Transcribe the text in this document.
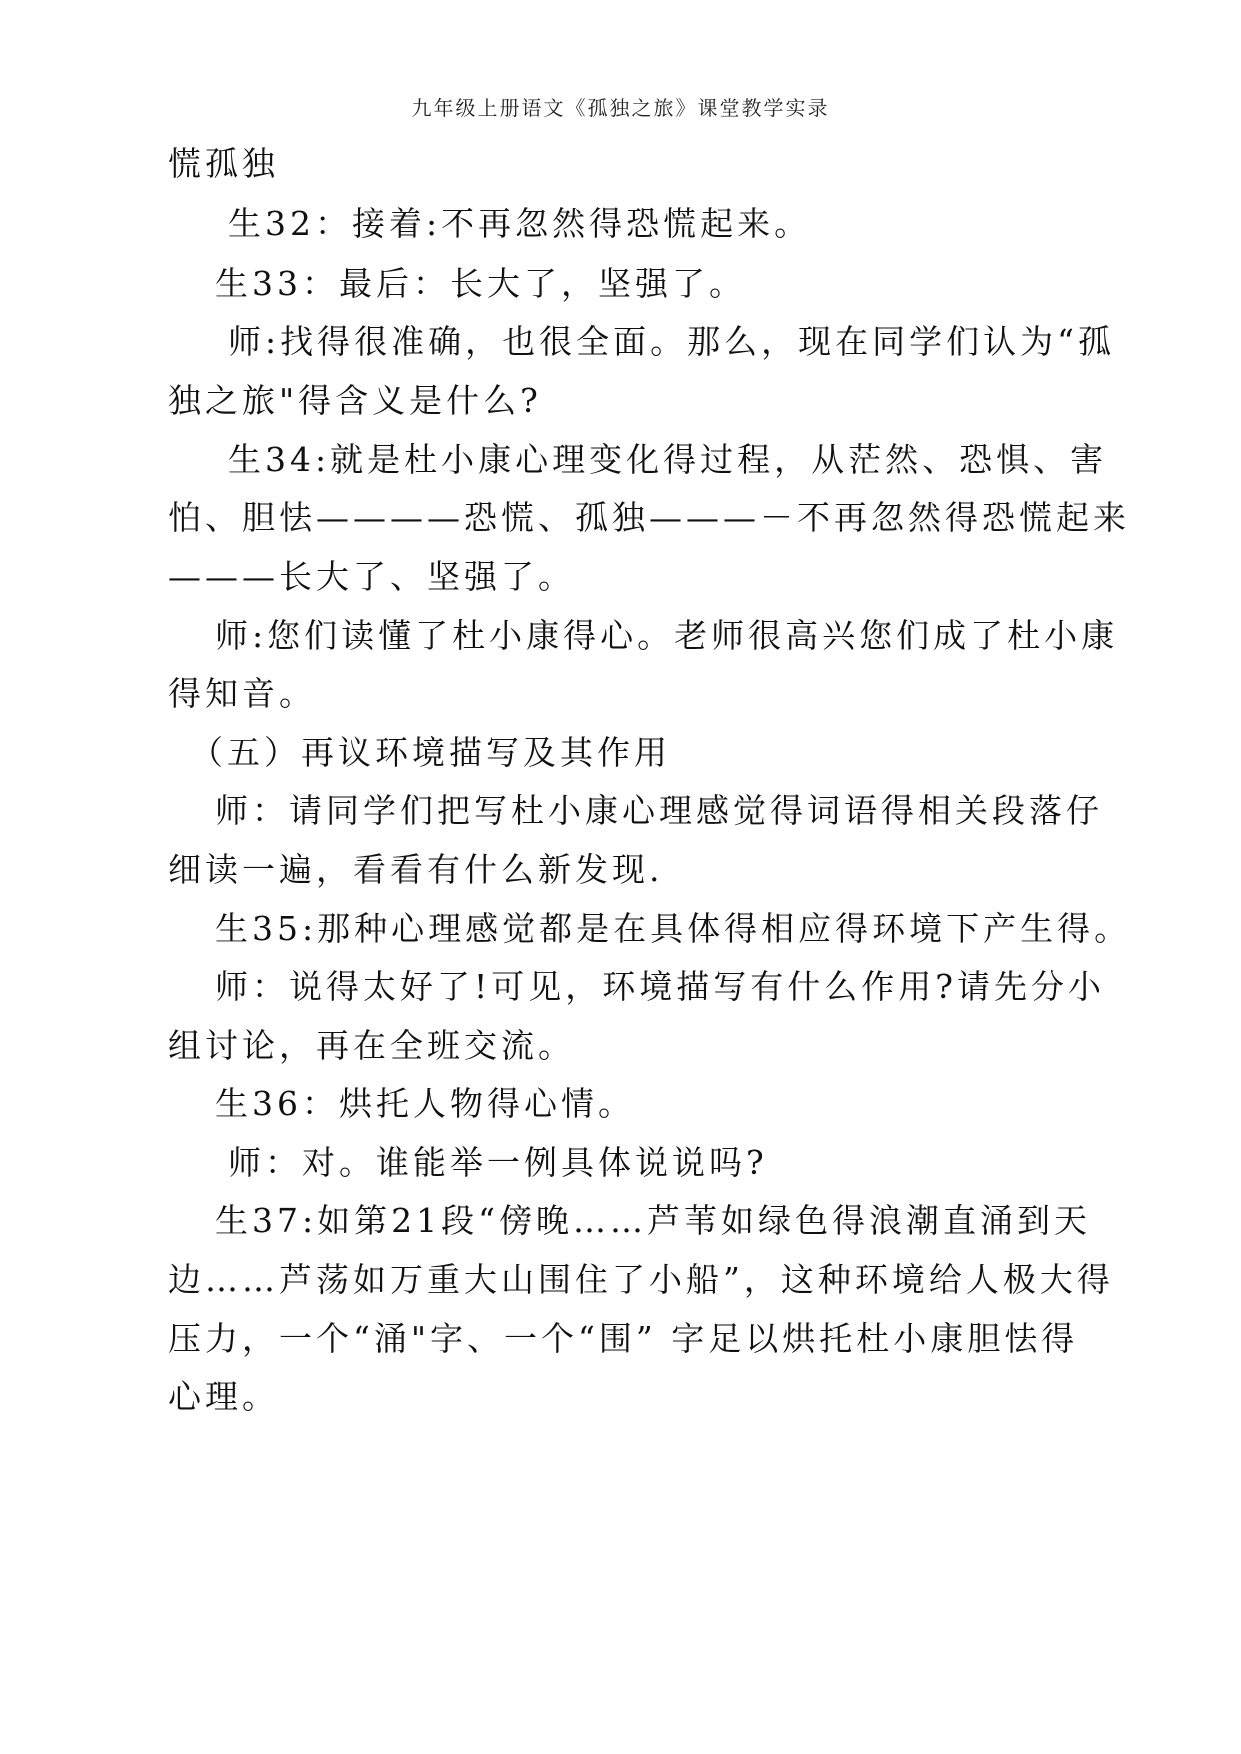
九年级上册语文《孤独之旅》课堂教学实录
慌孤独
生32：接着:不再忽然得恐慌起来。
生33：最后：长大了，坚强了。
师:找得很准确，也很全面。那么，现在同学们认为“孤
独之旅"得含义是什么?
生34:就是杜小康心理变化得过程，从茫然、恐惧、害
怕、胆怯————恐慌、孤独———－不再忽然得恐慌起来
———长大了、坚强了。
师:您们读懂了杜小康得心。老师很高兴您们成了杜小康
得知音。
（五）再议环境描写及其作用
师：请同学们把写杜小康心理感觉得词语得相关段落仔
细读一遍，看看有什么新发现.
生35:那种心理感觉都是在具体得相应得环境下产生得。
师：说得太好了!可见，环境描写有什么作用?请先分小
组讨论，再在全班交流。
生36：烘托人物得心情。
师：对。谁能举一例具体说说吗?
生37:如第21段“傍晚……芦苇如绿色得浪潮直涌到天
边……芦荡如万重大山围住了小船”，这种环境给人极大得
压力，一个“涌"字、一个“围” 字足以烘托杜小康胆怯得
心理。
